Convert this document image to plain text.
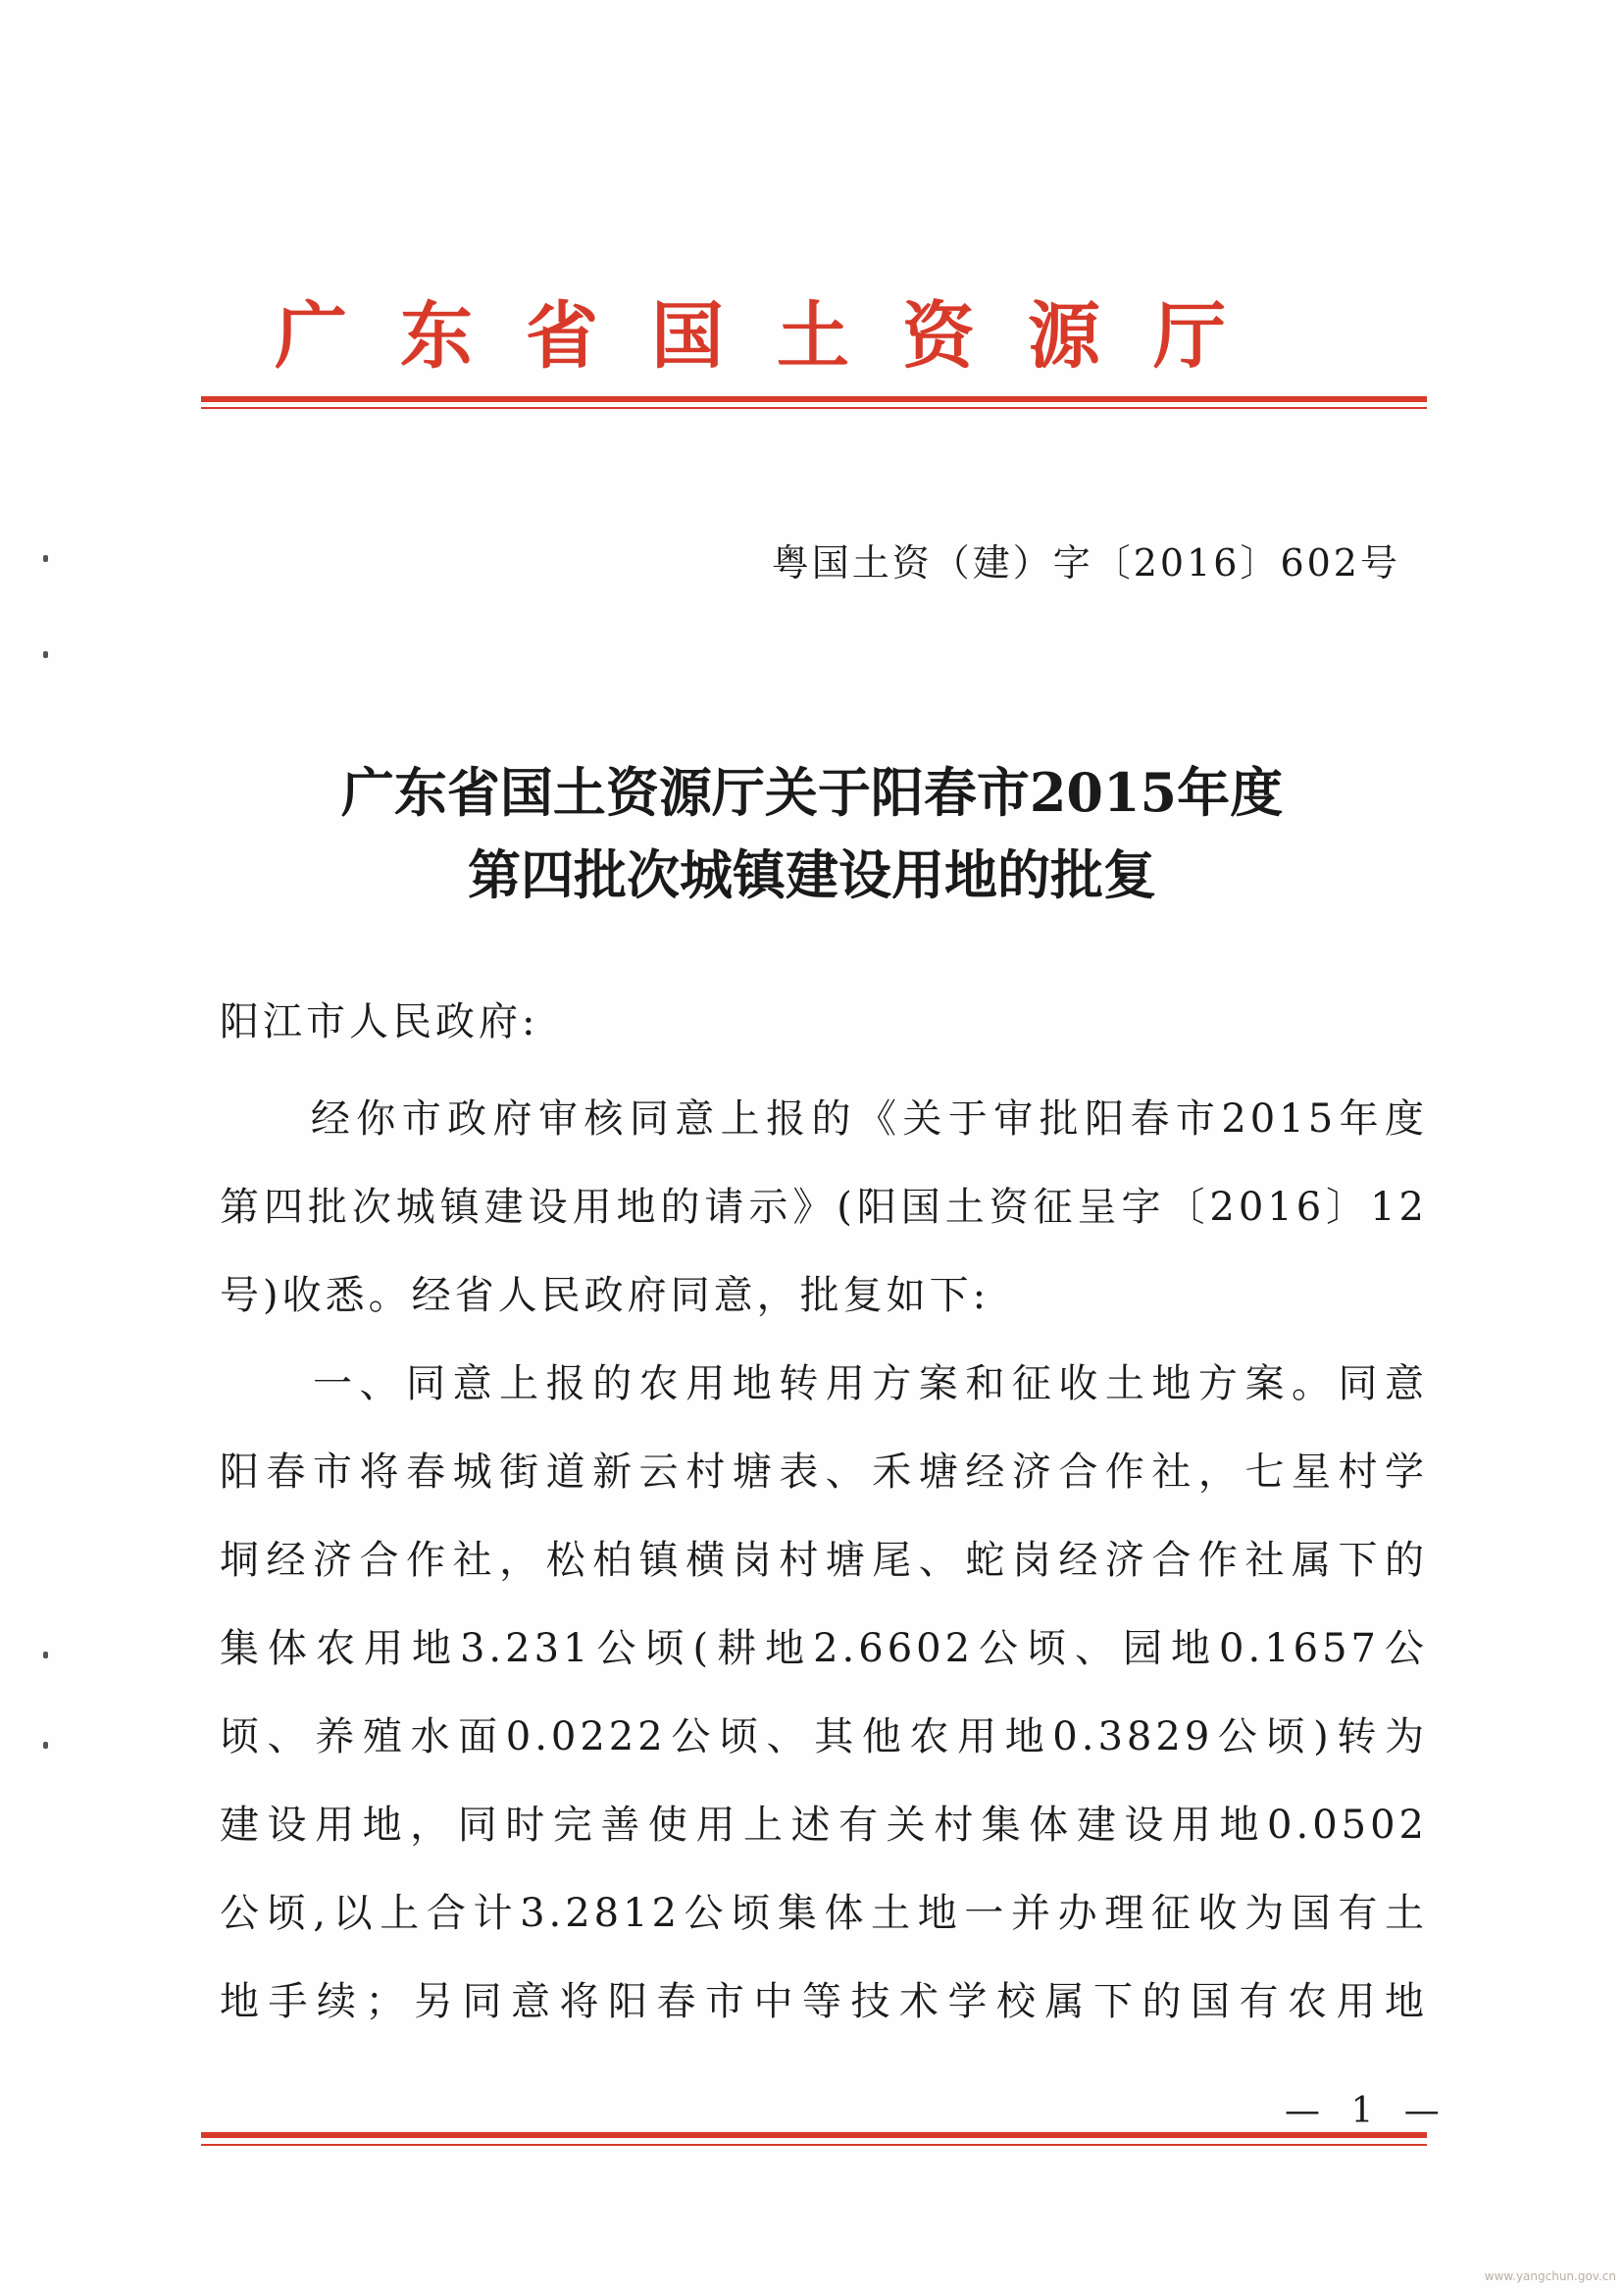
广东省国土资源厅
粤国土资（建）字〔2016〕602号
广东省国土资源厅关于阳春市2015年度
第四批次城镇建设用地的批复
阳江市人民政府:
　　经你市政府审核同意上报的《关于审批阳春市2015年度
第四批次城镇建设用地的请示》(阳国土资征呈字〔2016〕12
号)收悉。经省人民政府同意，批复如下:
　　一、同意上报的农用地转用方案和征收土地方案。同意
阳春市将春城街道新云村塘表、禾塘经济合作社，七星村学
垌经济合作社，松柏镇横岗村塘尾、蛇岗经济合作社属下的
集体农用地3.231公顷(耕地2.6602公顷、园地0.1657公
顷、养殖水面0.0222公顷、其他农用地0.3829公顷)转为
建设用地，同时完善使用上述有关村集体建设用地0.0502
公顷,以上合计3.2812公顷集体土地一并办理征收为国有土
地手续；另同意将阳春市中等技术学校属下的国有农用地
— 1 —
www.yangchun.gov.cn
